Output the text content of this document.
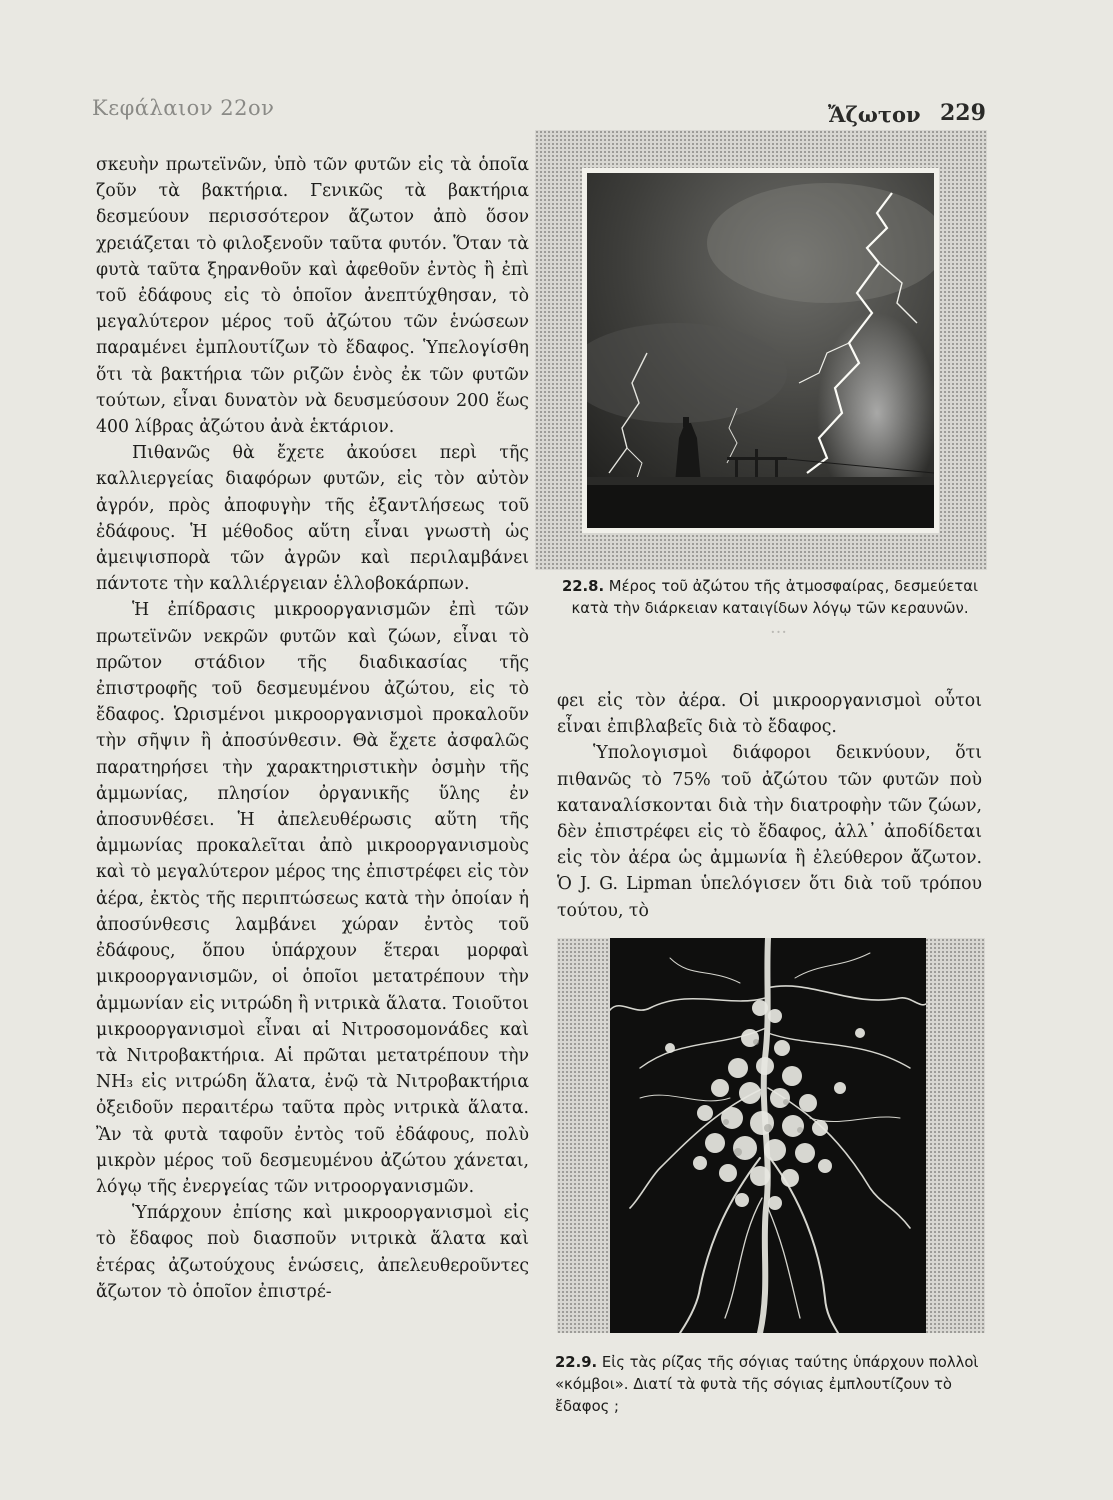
Κεφάλαιον 22ον	Ἄζωτον 229
…

σκευὴν πρωτεϊνῶν, ὑπὸ τῶν φυτῶν εἰς τὰ ὁποῖα ζοῦν τὰ βακτήρια. Γενικῶς τὰ βακτήρια δεσμεύουν περισσότερον ἄζωτον ἀπὸ ὅσον χρειάζεται τὸ φιλοξενοῦν ταῦτα φυτόν. Ὅταν τὰ φυτὰ ταῦτα ξηρανθοῦν καὶ ἀφεθοῦν ἐντὸς ἢ ἐπὶ τοῦ ἐδάφους εἰς τὸ ὁποῖον ἀνεπτύχθησαν, τὸ μεγαλύτερον μέρος τοῦ ἀζώτου τῶν ἑνώσεων παραμένει ἐμπλουτίζων τὸ ἔδαφος. Ὑπελογίσθη ὅτι τὰ βακτήρια τῶν ριζῶν ἑνὸς ἐκ τῶν φυτῶν τούτων, εἶναι δυνατὸν νὰ δευσμεύσουν 200 ἕως 400 λίβρας ἀζώτου ἀνὰ ἑκτάριον.

Πιθανῶς θὰ ἔχετε ἀκούσει περὶ τῆς καλλιεργείας διαφόρων φυτῶν, εἰς τὸν αὐτὸν ἀγρόν, πρὸς ἀποφυγὴν τῆς ἐξαντλήσεως τοῦ ἐδάφους. Ἡ μέθοδος αὕτη εἶναι γνωστὴ ὡς ἀμειψισπορὰ τῶν ἀγρῶν καὶ περιλαμβάνει πάντοτε τὴν καλλιέργειαν ἑλλοβοκάρπων.

Ἡ ἐπίδρασις μικροοργανισμῶν ἐπὶ τῶν πρωτεϊνῶν νεκρῶν φυτῶν καὶ ζώων, εἶναι τὸ πρῶτον στάδιον τῆς διαδικασίας τῆς ἐπιστροφῆς τοῦ δεσμευμένου ἀζώτου, εἰς τὸ ἔδαφος. Ὡρισμένοι μικροοργανισμοὶ προκαλοῦν τὴν σῆψιν ἢ ἀποσύνθεσιν. Θὰ ἔχετε ἀσφαλῶς παρατηρήσει τὴν χαρακτηριστικὴν ὀσμὴν τῆς ἀμμωνίας, πλησίον ὀργανικῆς ὕλης ἐν ἀποσυνθέσει. Ἡ ἀπελευθέρωσις αὕτη τῆς ἀμμωνίας προκαλεῖται ἀπὸ μικροοργανισμοὺς καὶ τὸ μεγαλύτερον μέρος της ἐπιστρέφει εἰς τὸν ἀέρα, ἐκτὸς τῆς περιπτώσεως κατὰ τὴν ὁποίαν ἡ ἀποσύνθεσις λαμβάνει χώραν ἐντὸς τοῦ ἐδάφους, ὅπου ὑπάρχουν ἕτεραι μορφαὶ μικροοργανισμῶν, οἱ ὁποῖοι μετατρέπουν τὴν ἀμμωνίαν εἰς νιτρώδη ἢ νιτρικὰ ἅλατα. Τοιοῦτοι μικροοργανισμοὶ εἶναι αἱ Νιτροσομονάδες καὶ τὰ Νιτροβακτήρια. Αἱ πρῶται μετατρέπουν τὴν NH₃ εἰς νιτρώδη ἅλατα, ἐνῷ τὰ Νιτροβακτήρια ὀξειδοῦν περαιτέρω ταῦτα πρὸς νιτρικὰ ἅλατα. Ἂν τὰ φυτὰ ταφοῦν ἐντὸς τοῦ ἐδάφους, πολὺ μικρὸν μέρος τοῦ δεσμευμένου ἀζώτου χάνεται, λόγῳ τῆς ἐνεργείας τῶν νιτροοργανισμῶν.

Ὑπάρχουν ἐπίσης καὶ μικροοργανισμοὶ εἰς τὸ ἔδαφος ποὺ διασποῦν νιτρικὰ ἅλατα καὶ ἑτέρας ἀζωτούχους ἑνώσεις, ἀπελευθεροῦντες ἄζωτον τὸ ὁποῖον ἐπιστρέ-

22.8. Μέρος τοῦ ἀζώτου τῆς ἀτμοσφαίρας, δεσμεύεται κατὰ τὴν διάρκειαν καταιγίδων λόγῳ τῶν κεραυνῶν.

φει εἰς τὸν ἀέρα. Οἱ μικροοργανισμοὶ οὗτοι εἶναι ἐπιβλαβεῖς διὰ τὸ ἔδαφος.

Ὑπολογισμοὶ διάφοροι δεικνύουν, ὅτι πιθανῶς τὸ 75% τοῦ ἀζώτου τῶν φυτῶν ποὺ καταναλίσκονται διὰ τὴν διατροφὴν τῶν ζώων, δὲν ἐπιστρέφει εἰς τὸ ἔδαφος, ἀλλ᾽ ἀποδίδεται εἰς τὸν ἀέρα ὡς ἀμμωνία ἢ ἐλεύθερον ἄζωτον. Ὁ J. G. Lipman ὑπελόγισεν ὅτι διὰ τοῦ τρόπου τούτου, τὸ

22.9. Εἰς τὰς ρίζας τῆς σόγιας ταύτης ὑπάρχουν πολλοὶ «κόμβοι». Διατί τὰ φυτὰ τῆς σόγιας ἐμπλουτίζουν τὸ ἔδαφος ;
